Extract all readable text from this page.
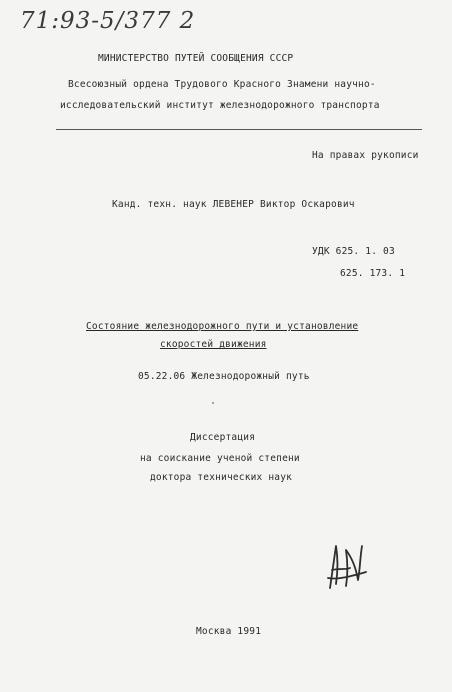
71:93-5/377 2
МИНИСТЕРСТВО ПУТЕЙ СООБЩЕНИЯ СССР
Всесоюзный ордена Трудового Красного Знамени научно-
исследовательский институт железнодорожного транспорта
На правах рукописи
Канд. техн. наук ЛЕВЕНЕР Виктор Оскарович
УДК 625. 1. 03
625. 173. 1
Состояние железнодорожного пути и установление
скоростей движения
05.22.06 Железнодорожный путь
Диссертация
на соискание ученой степени
доктора технических наук
Москва 1991
